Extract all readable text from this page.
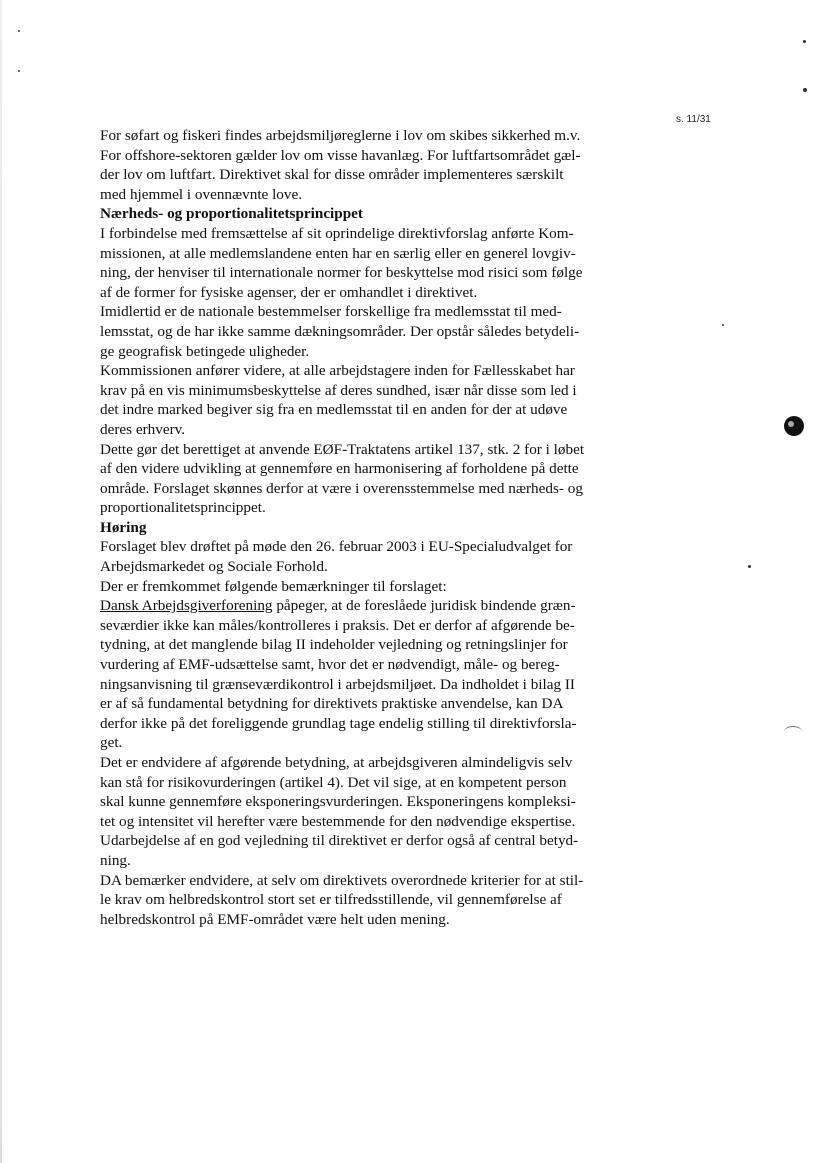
s. 11/31

For søfart og fiskeri findes arbejdsmiljøreglerne i lov om skibes sikkerhed m.v.
For offshore-sektoren gælder lov om visse havanlæg. For luftfartsområdet gæl-
der lov om luftfart. Direktivet skal for disse områder implementeres særskilt
med hjemmel i ovennævnte love.

Nærheds- og proportionalitetsprincippet
I forbindelse med fremsættelse af sit oprindelige direktivforslag anførte Kom-
missionen, at alle medlemslandene enten har en særlig eller en generel lovgiv-
ning, der henviser til internationale normer for beskyttelse mod risici som følge
af de former for fysiske agenser, der er omhandlet i direktivet.

Imidlertid er de nationale bestemmelser forskellige fra medlemsstat til med-
lemsstat, og de har ikke samme dækningsområder. Der opstår således betydeli-
ge geografisk betingede uligheder.

Kommissionen anfører videre, at alle arbejdstagere inden for Fællesskabet har
krav på en vis minimumsbeskyttelse af deres sundhed, især når disse som led i
det indre marked begiver sig fra en medlemsstat til en anden for der at udøve
deres erhverv.

Dette gør det berettiget at anvende EØF-Traktatens artikel 137, stk. 2 for i løbet
af den videre udvikling at gennemføre en harmonisering af forholdene på dette
område. Forslaget skønnes derfor at være i overensstemmelse med nærheds- og
proportionalitetsprincippet.

Høring
Forslaget blev drøftet på møde den 26. februar 2003 i EU-Specialudvalget for
Arbejdsmarkedet og Sociale Forhold.

Der er fremkommet følgende bemærkninger til forslaget:

Dansk Arbejdsgiverforening påpeger, at de foreslåede juridisk bindende græn-
seværdier ikke kan måles/kontrolleres i praksis. Det er derfor af afgørende be-
tydning, at det manglende bilag II indeholder vejledning og retningslinjer for
vurdering af EMF-udsættelse samt, hvor det er nødvendigt, måle- og bereg-
ningsanvisning til grænseværdikontrol i arbejdsmiljøet. Da indholdet i bilag II
er af så fundamental betydning for direktivets praktiske anvendelse, kan DA
derfor ikke på det foreliggende grundlag tage endelig stilling til direktivforsla-
get.

Det er endvidere af afgørende betydning, at arbejdsgiveren almindeligvis selv
kan stå for risikovurderingen (artikel 4). Det vil sige, at en kompetent person
skal kunne gennemføre eksponeringsvurderingen. Eksponeringens kompleksi-
tet og intensitet vil herefter være bestemmende for den nødvendige ekspertise.
Udarbejdelse af en god vejledning til direktivet er derfor også af central betyd-
ning.

DA bemærker endvidere, at selv om direktivets overordnede kriterier for at stil-
le krav om helbredskontrol stort set er tilfredsstillende, vil gennemførelse af
helbredskontrol på EMF-området være helt uden mening.
